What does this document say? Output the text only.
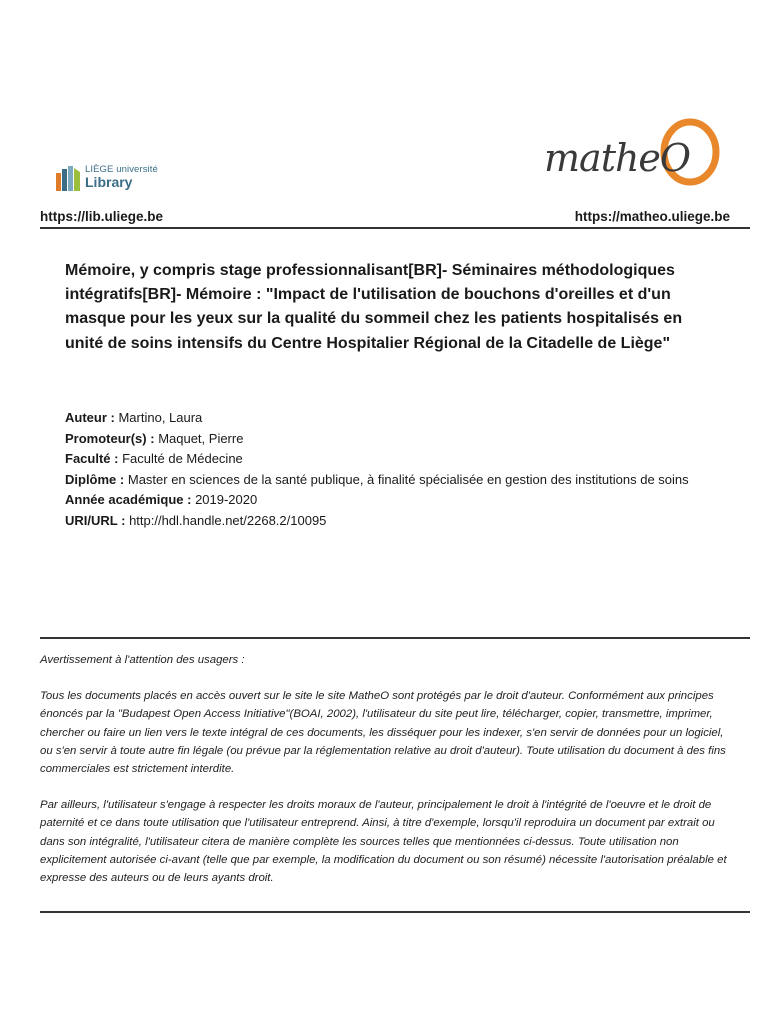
LIÈGE université
Library
matheO
https://lib.uliege.be	https://matheo.uliege.be
Mémoire, y compris stage professionnalisant[BR]- Séminaires méthodologiques intégratifs[BR]- Mémoire : "Impact de l'utilisation de bouchons d'oreilles et d'un masque pour les yeux sur la qualité du sommeil chez les patients hospitalisés en unité de soins intensifs du Centre Hospitalier Régional de la Citadelle de Liège"

Auteur : Martino, Laura

Promoteur(s) : Maquet, Pierre

Faculté : Faculté de Médecine

Diplôme : Master en sciences de la santé publique, à finalité spécialisée en gestion des institutions de soins

Année académique : 2019-2020

URI/URL : http://hdl.handle.net/2268.2/10095

Avertissement à l'attention des usagers :

Tous les documents placés en accès ouvert sur le site le site MatheO sont protégés par le droit d'auteur. Conformément aux principes énoncés par la "Budapest Open Access Initiative"(BOAI, 2002), l'utilisateur du site peut lire, télécharger, copier, transmettre, imprimer, chercher ou faire un lien vers le texte intégral de ces documents, les disséquer pour les indexer, s'en servir de données pour un logiciel, ou s'en servir à toute autre fin légale (ou prévue par la réglementation relative au droit d'auteur). Toute utilisation du document à des fins commerciales est strictement interdite.

Par ailleurs, l'utilisateur s'engage à respecter les droits moraux de l'auteur, principalement le droit à l'intégrité de l'oeuvre et le droit de paternité et ce dans toute utilisation que l'utilisateur entreprend. Ainsi, à titre d'exemple, lorsqu'il reproduira un document par extrait ou dans son intégralité, l'utilisateur citera de manière complète les sources telles que mentionnées ci-dessus. Toute utilisation non explicitement autorisée ci-avant (telle que par exemple, la modification du document ou son résumé) nécessite l'autorisation préalable et expresse des auteurs ou de leurs ayants droit.
